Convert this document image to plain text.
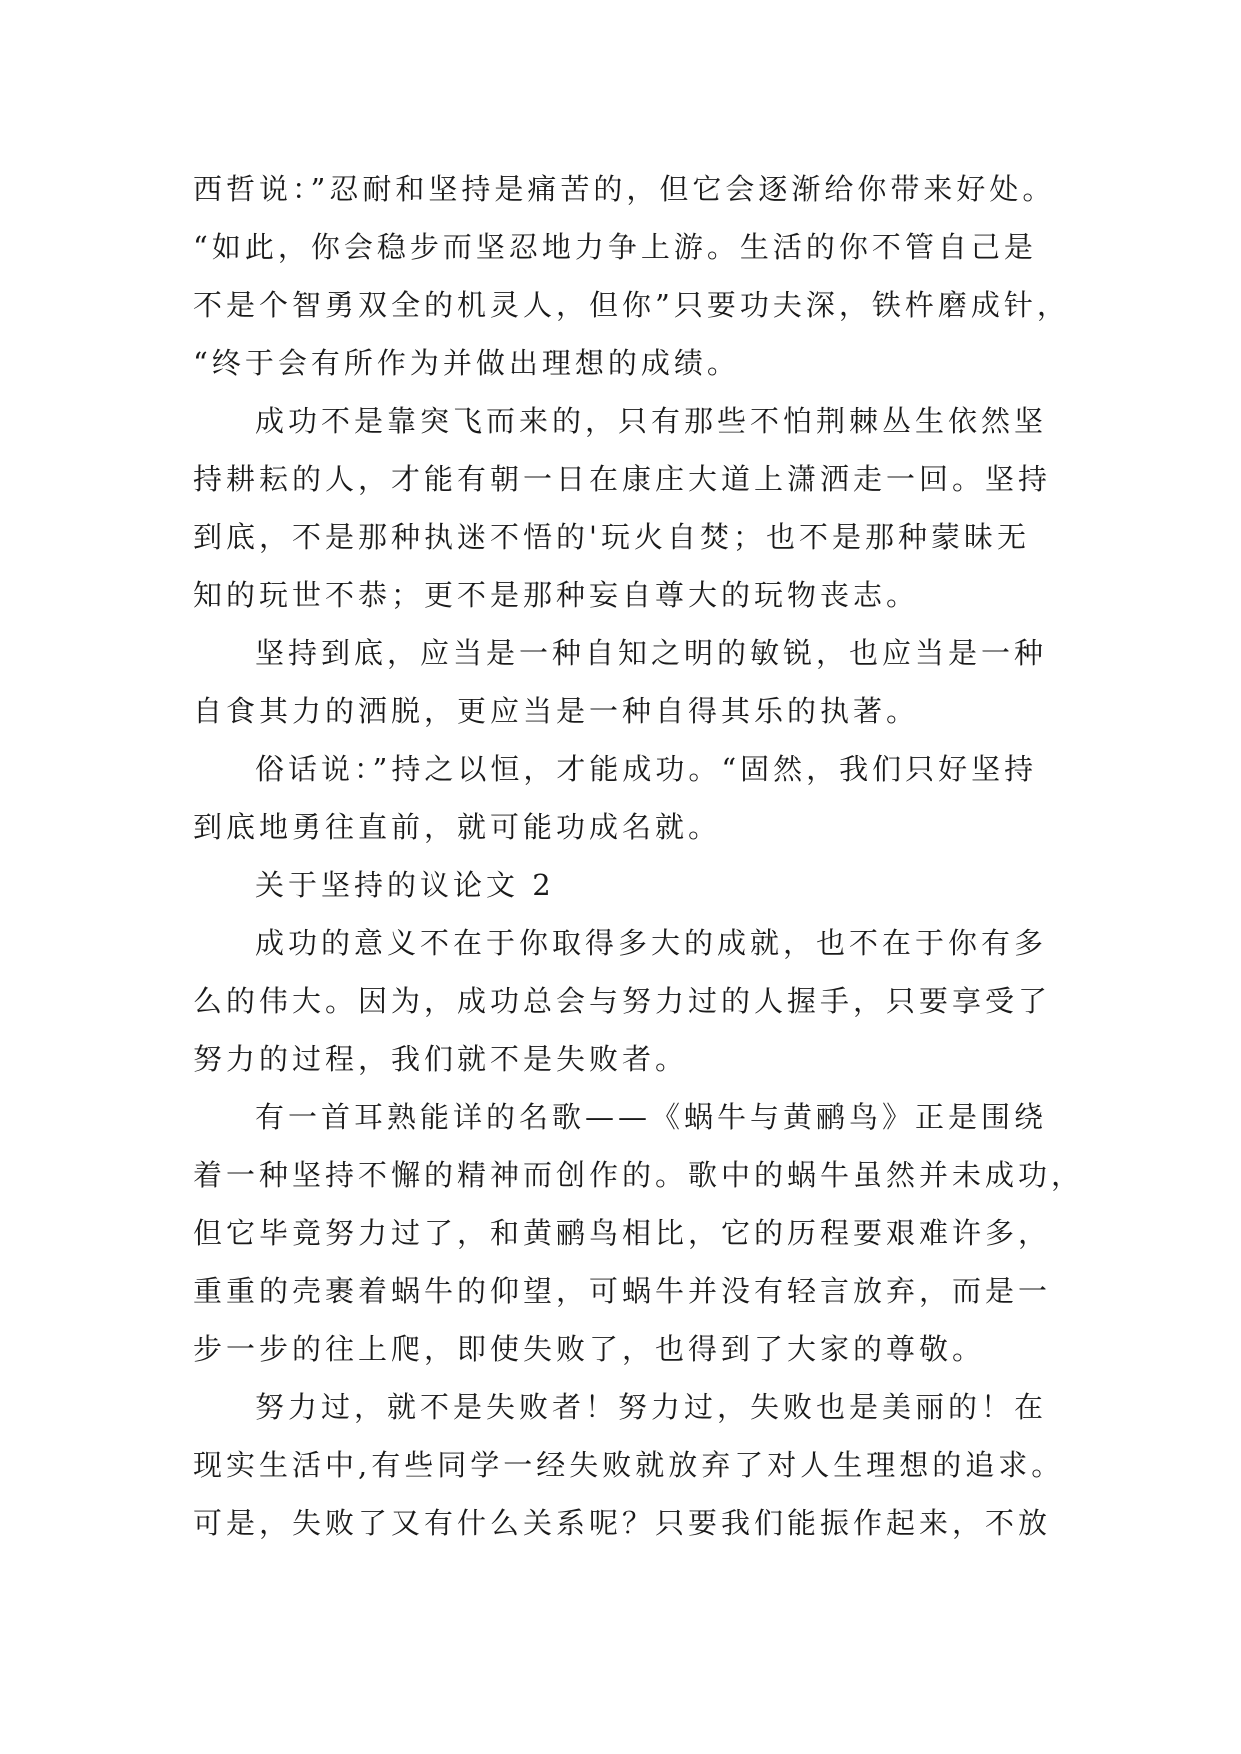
西哲说：”忍耐和坚持是痛苦的，但它会逐渐给你带来好处。
“如此，你会稳步而坚忍地力争上游。生活的你不管自己是
不是个智勇双全的机灵人，但你”只要功夫深，铁杵磨成针，
“终于会有所作为并做出理想的成绩。
成功不是靠突飞而来的，只有那些不怕荆棘丛生依然坚
持耕耘的人，才能有朝一日在康庄大道上潇洒走一回。坚持
到底，不是那种执迷不悟的'玩火自焚；也不是那种蒙昧无
知的玩世不恭；更不是那种妄自尊大的玩物丧志。
坚持到底，应当是一种自知之明的敏锐，也应当是一种
自食其力的洒脱，更应当是一种自得其乐的执著。
俗话说：”持之以恒，才能成功。“固然，我们只好坚持
到底地勇往直前，就可能功成名就。
关于坚持的议论文 2
成功的意义不在于你取得多大的成就，也不在于你有多
么的伟大。因为，成功总会与努力过的人握手，只要享受了
努力的过程，我们就不是失败者。
有一首耳熟能详的名歌——《蜗牛与黄鹂鸟》正是围绕
着一种坚持不懈的精神而创作的。歌中的蜗牛虽然并未成功，
但它毕竟努力过了，和黄鹂鸟相比，它的历程要艰难许多，
重重的壳裹着蜗牛的仰望，可蜗牛并没有轻言放弃，而是一
步一步的往上爬，即使失败了，也得到了大家的尊敬。
努力过，就不是失败者！努力过，失败也是美丽的！在
现实生活中,有些同学一经失败就放弃了对人生理想的追求。
可是，失败了又有什么关系呢？只要我们能振作起来，不放
